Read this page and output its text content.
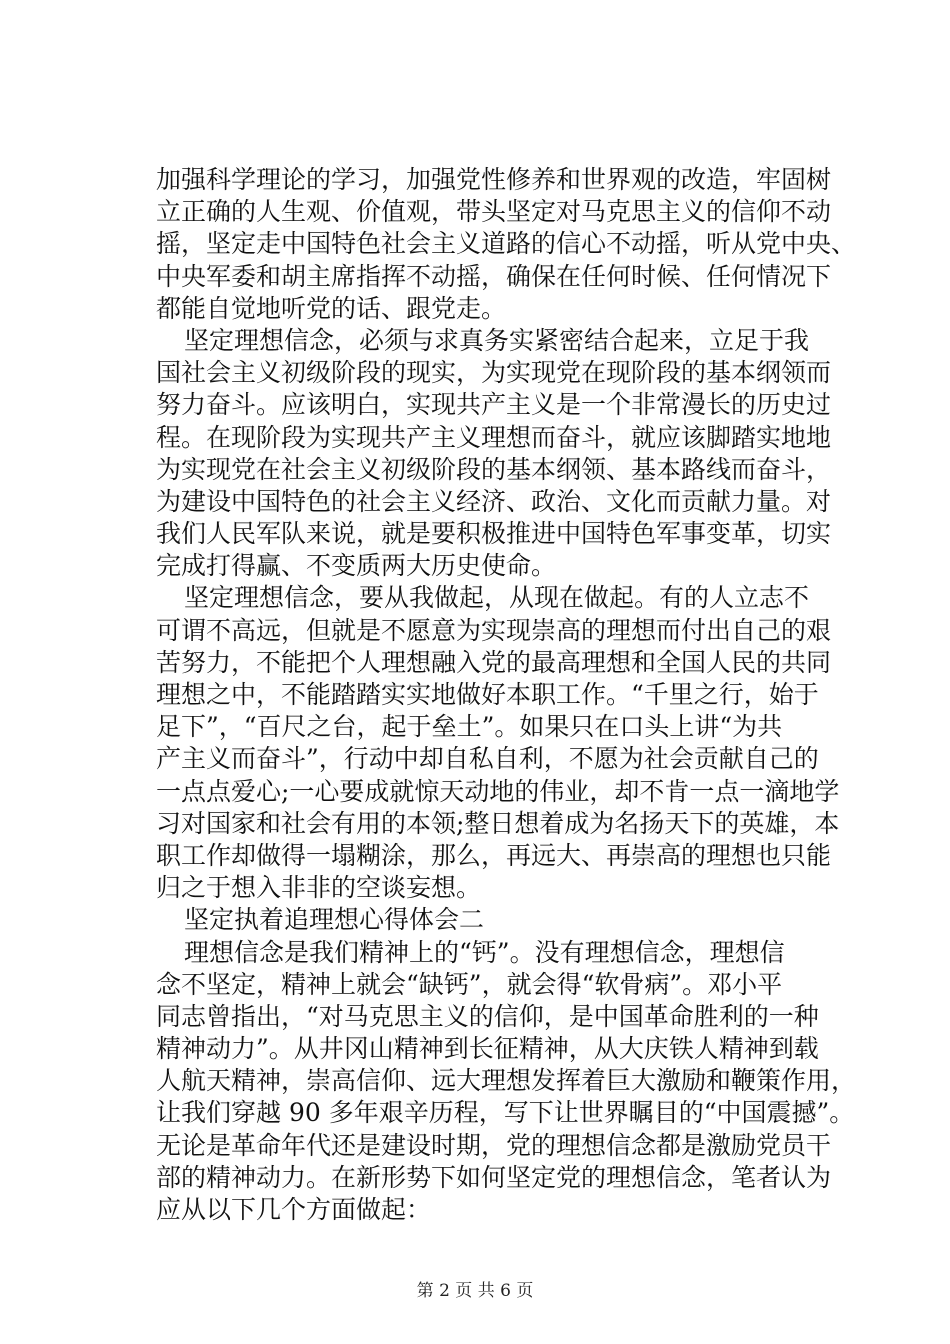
加强科学理论的学习，加强党性修养和世界观的改造，牢固树
立正确的人生观、价值观，带头坚定对马克思主义的信仰不动
摇，坚定走中国特色社会主义道路的信心不动摇，听从党中央、
中央军委和胡主席指挥不动摇，确保在任何时候、任何情况下
都能自觉地听党的话、跟党走。
坚定理想信念，必须与求真务实紧密结合起来，立足于我
国社会主义初级阶段的现实，为实现党在现阶段的基本纲领而
努力奋斗。应该明白，实现共产主义是一个非常漫长的历史过
程。在现阶段为实现共产主义理想而奋斗，就应该脚踏实地地
为实现党在社会主义初级阶段的基本纲领、基本路线而奋斗，
为建设中国特色的社会主义经济、政治、文化而贡献力量。对
我们人民军队来说，就是要积极推进中国特色军事变革，切实
完成打得赢、不变质两大历史使命。
坚定理想信念，要从我做起，从现在做起。有的人立志不
可谓不高远，但就是不愿意为实现崇高的理想而付出自己的艰
苦努力，不能把个人理想融入党的最高理想和全国人民的共同
理想之中，不能踏踏实实地做好本职工作。“千里之行，始于
足下”，“百尺之台，起于垒土”。如果只在口头上讲“为共
产主义而奋斗”，行动中却自私自利，不愿为社会贡献自己的
一点点爱心;一心要成就惊天动地的伟业，却不肯一点一滴地学
习对国家和社会有用的本领;整日想着成为名扬天下的英雄，本
职工作却做得一塌糊涂，那么，再远大、再崇高的理想也只能
归之于想入非非的空谈妄想。
坚定执着追理想心得体会二
理想信念是我们精神上的“钙”。没有理想信念，理想信
念不坚定，精神上就会“缺钙”，就会得“软骨病”。邓小平
同志曾指出，“对马克思主义的信仰，是中国革命胜利的一种
精神动力”。从井冈山精神到长征精神，从大庆铁人精神到载
人航天精神，崇高信仰、远大理想发挥着巨大激励和鞭策作用，
让我们穿越 90 多年艰辛历程，写下让世界瞩目的“中国震撼”。
无论是革命年代还是建设时期，党的理想信念都是激励党员干
部的精神动力。在新形势下如何坚定党的理想信念，笔者认为
应从以下几个方面做起：
第 2 页 共 6 页
